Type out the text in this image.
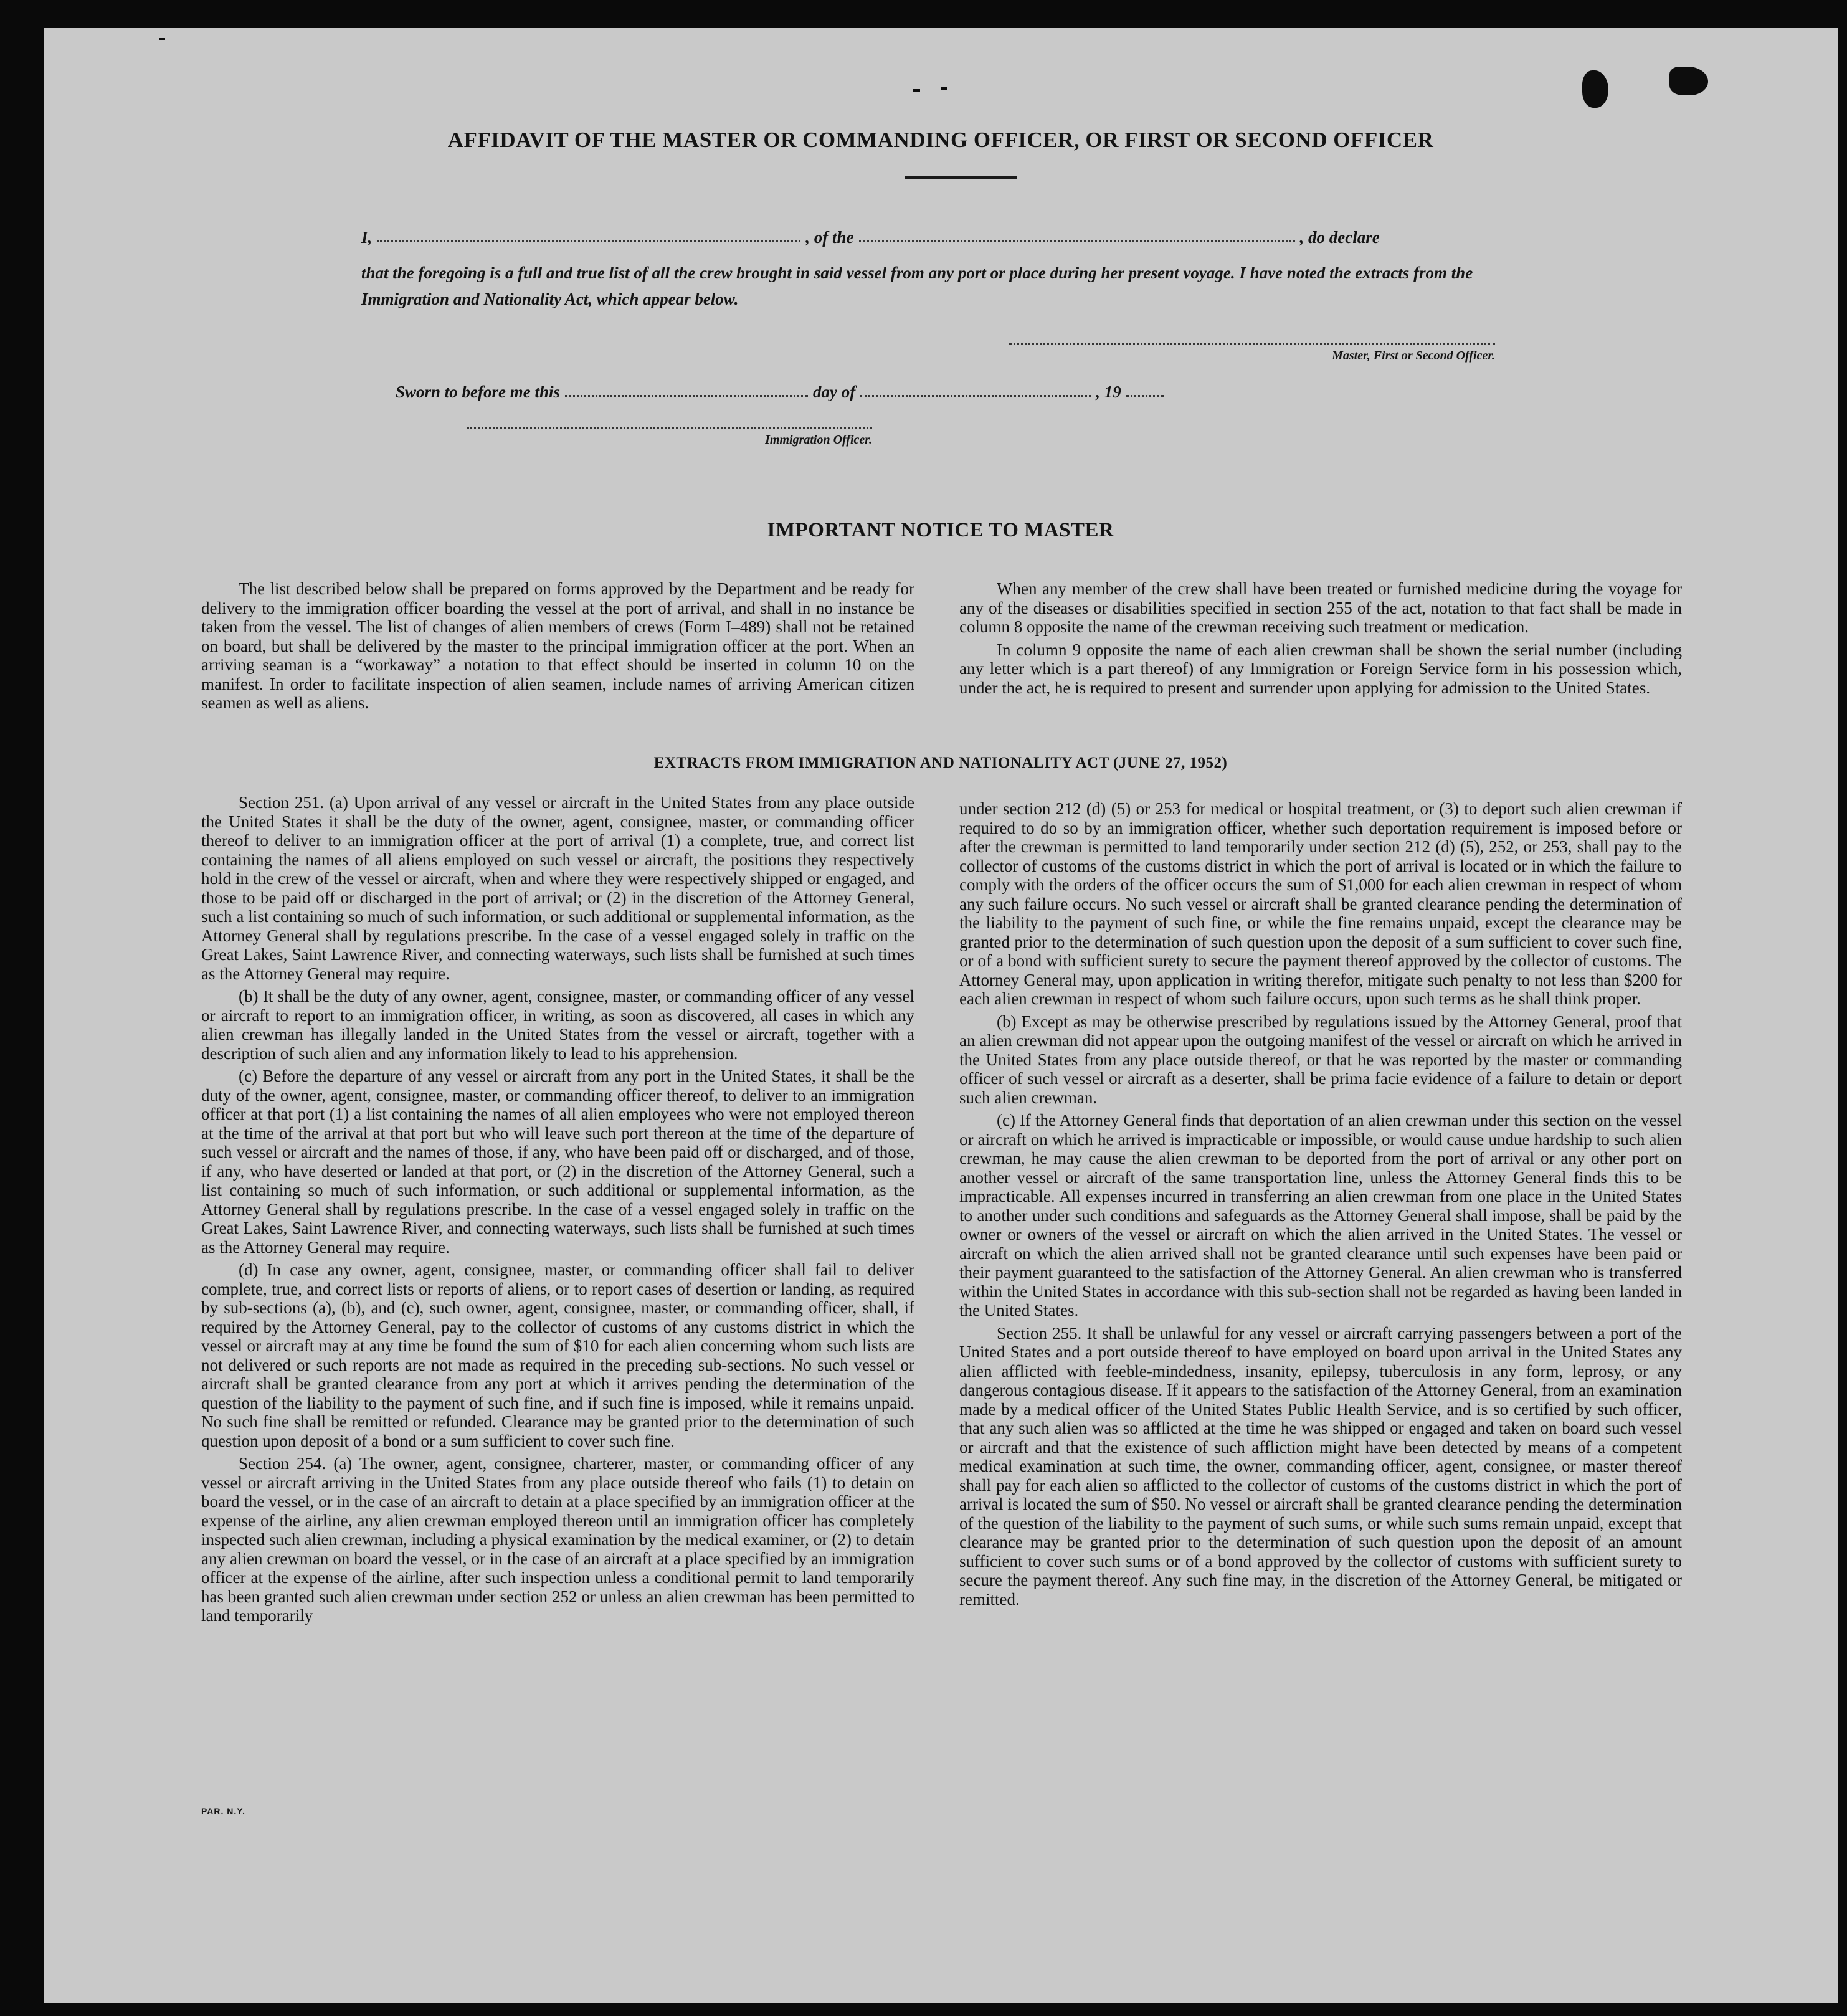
AFFIDAVIT OF THE MASTER OR COMMANDING OFFICER, OR FIRST OR SECOND OFFICER
I,	, of the	, do declare

that the foregoing is a full and true list of all the crew brought in said vessel from any port or place during her present voyage. I have noted the extracts from the Immigration and Nationality Act, which appear below.

Master, First or Second Officer.

Sworn to before me this	day of	, 19

Immigration Officer.

IMPORTANT NOTICE TO MASTER

The list described below shall be prepared on forms approved by the Department and be ready for delivery to the immigration officer boarding the vessel at the port of arrival, and shall in no instance be taken from the vessel. The list of changes of alien members of crews (Form I–489) shall not be retained on board, but shall be delivered by the master to the principal immigration officer at the port. When an arriving seaman is a “workaway” a notation to that effect should be inserted in column 10 on the manifest. In order to facilitate inspection of alien seamen, include names of arriving American citizen seamen as well as aliens.

When any member of the crew shall have been treated or furnished medicine during the voyage for any of the diseases or disabilities specified in section 255 of the act, notation to that fact shall be made in column 8 opposite the name of the crewman receiving such treatment or medication.

In column 9 opposite the name of each alien crewman shall be shown the serial number (including any letter which is a part thereof) of any Immigration or Foreign Service form in his possession which, under the act, he is required to present and surrender upon applying for admission to the United States.

EXTRACTS FROM IMMIGRATION AND NATIONALITY ACT (JUNE 27, 1952)

Section 251. (a) Upon arrival of any vessel or aircraft in the United States from any place outside the United States it shall be the duty of the owner, agent, consignee, master, or commanding officer thereof to deliver to an immigration officer at the port of arrival (1) a complete, true, and correct list containing the names of all aliens employed on such vessel or aircraft, the positions they respectively hold in the crew of the vessel or aircraft, when and where they were respectively shipped or engaged, and those to be paid off or discharged in the port of arrival; or (2) in the discretion of the Attorney General, such a list containing so much of such information, or such additional or supplemental information, as the Attorney General shall by regulations prescribe. In the case of a vessel engaged solely in traffic on the Great Lakes, Saint Lawrence River, and connecting waterways, such lists shall be furnished at such times as the Attorney General may require.

(b) It shall be the duty of any owner, agent, consignee, master, or commanding officer of any vessel or aircraft to report to an immigration officer, in writing, as soon as discovered, all cases in which any alien crewman has illegally landed in the United States from the vessel or aircraft, together with a description of such alien and any information likely to lead to his apprehension.

(c) Before the departure of any vessel or aircraft from any port in the United States, it shall be the duty of the owner, agent, consignee, master, or commanding officer thereof, to deliver to an immigration officer at that port (1) a list containing the names of all alien employees who were not employed thereon at the time of the arrival at that port but who will leave such port thereon at the time of the departure of such vessel or aircraft and the names of those, if any, who have been paid off or discharged, and of those, if any, who have deserted or landed at that port, or (2) in the discretion of the Attorney General, such a list containing so much of such information, or such additional or supplemental information, as the Attorney General shall by regulations prescribe. In the case of a vessel engaged solely in traffic on the Great Lakes, Saint Lawrence River, and connecting waterways, such lists shall be furnished at such times as the Attorney General may require.

(d) In case any owner, agent, consignee, master, or commanding officer shall fail to deliver complete, true, and correct lists or reports of aliens, or to report cases of desertion or landing, as required by sub-sections (a), (b), and (c), such owner, agent, consignee, master, or commanding officer, shall, if required by the Attorney General, pay to the collector of customs of any customs district in which the vessel or aircraft may at any time be found the sum of $10 for each alien concerning whom such lists are not delivered or such reports are not made as required in the preceding sub-sections. No such vessel or aircraft shall be granted clearance from any port at which it arrives pending the determination of the question of the liability to the payment of such fine, and if such fine is imposed, while it remains unpaid. No such fine shall be remitted or refunded. Clearance may be granted prior to the determination of such question upon deposit of a bond or a sum sufficient to cover such fine.

Section 254. (a) The owner, agent, consignee, charterer, master, or commanding officer of any vessel or aircraft arriving in the United States from any place outside thereof who fails (1) to detain on board the vessel, or in the case of an aircraft to detain at a place specified by an immigration officer at the expense of the airline, any alien crewman employed thereon until an immigration officer has completely inspected such alien crewman, including a physical examination by the medical examiner, or (2) to detain any alien crewman on board the vessel, or in the case of an aircraft at a place specified by an immigration officer at the expense of the airline, after such inspection unless a conditional permit to land temporarily has been granted such alien crewman under section 252 or unless an alien crewman has been permitted to land temporarily

under section 212 (d) (5) or 253 for medical or hospital treatment, or (3) to deport such alien crewman if required to do so by an immigration officer, whether such deportation requirement is imposed before or after the crewman is permitted to land temporarily under section 212 (d) (5), 252, or 253, shall pay to the collector of customs of the customs district in which the port of arrival is located or in which the failure to comply with the orders of the officer occurs the sum of $1,000 for each alien crewman in respect of whom any such failure occurs. No such vessel or aircraft shall be granted clearance pending the determination of the liability to the payment of such fine, or while the fine remains unpaid, except the clearance may be granted prior to the determination of such question upon the deposit of a sum sufficient to cover such fine, or of a bond with sufficient surety to secure the payment thereof approved by the collector of customs. The Attorney General may, upon application in writing therefor, mitigate such penalty to not less than $200 for each alien crewman in respect of whom such failure occurs, upon such terms as he shall think proper.

(b) Except as may be otherwise prescribed by regulations issued by the Attorney General, proof that an alien crewman did not appear upon the outgoing manifest of the vessel or aircraft on which he arrived in the United States from any place outside thereof, or that he was reported by the master or commanding officer of such vessel or aircraft as a deserter, shall be prima facie evidence of a failure to detain or deport such alien crewman.

(c) If the Attorney General finds that deportation of an alien crewman under this section on the vessel or aircraft on which he arrived is impracticable or impossible, or would cause undue hardship to such alien crewman, he may cause the alien crewman to be deported from the port of arrival or any other port on another vessel or aircraft of the same transportation line, unless the Attorney General finds this to be impracticable. All expenses incurred in transferring an alien crewman from one place in the United States to another under such conditions and safeguards as the Attorney General shall impose, shall be paid by the owner or owners of the vessel or aircraft on which the alien arrived in the United States. The vessel or aircraft on which the alien arrived shall not be granted clearance until such expenses have been paid or their payment guaranteed to the satisfaction of the Attorney General. An alien crewman who is transferred within the United States in accordance with this sub-section shall not be regarded as having been landed in the United States.

Section 255. It shall be unlawful for any vessel or aircraft carrying passengers between a port of the United States and a port outside thereof to have employed on board upon arrival in the United States any alien afflicted with feeble-mindedness, insanity, epilepsy, tuberculosis in any form, leprosy, or any dangerous contagious disease. If it appears to the satisfaction of the Attorney General, from an examination made by a medical officer of the United States Public Health Service, and is so certified by such officer, that any such alien was so afflicted at the time he was shipped or engaged and taken on board such vessel or aircraft and that the existence of such affliction might have been detected by means of a competent medical examination at such time, the owner, commanding officer, agent, consignee, or master thereof shall pay for each alien so afflicted to the collector of customs of the customs district in which the port of arrival is located the sum of $50. No vessel or aircraft shall be granted clearance pending the determination of the question of the liability to the payment of such sums, or while such sums remain unpaid, except that clearance may be granted prior to the determination of such question upon the deposit of an amount sufficient to cover such sums or of a bond approved by the collector of customs with sufficient surety to secure the payment thereof. Any such fine may, in the discretion of the Attorney General, be mitigated or remitted.

PAR. N.Y.
